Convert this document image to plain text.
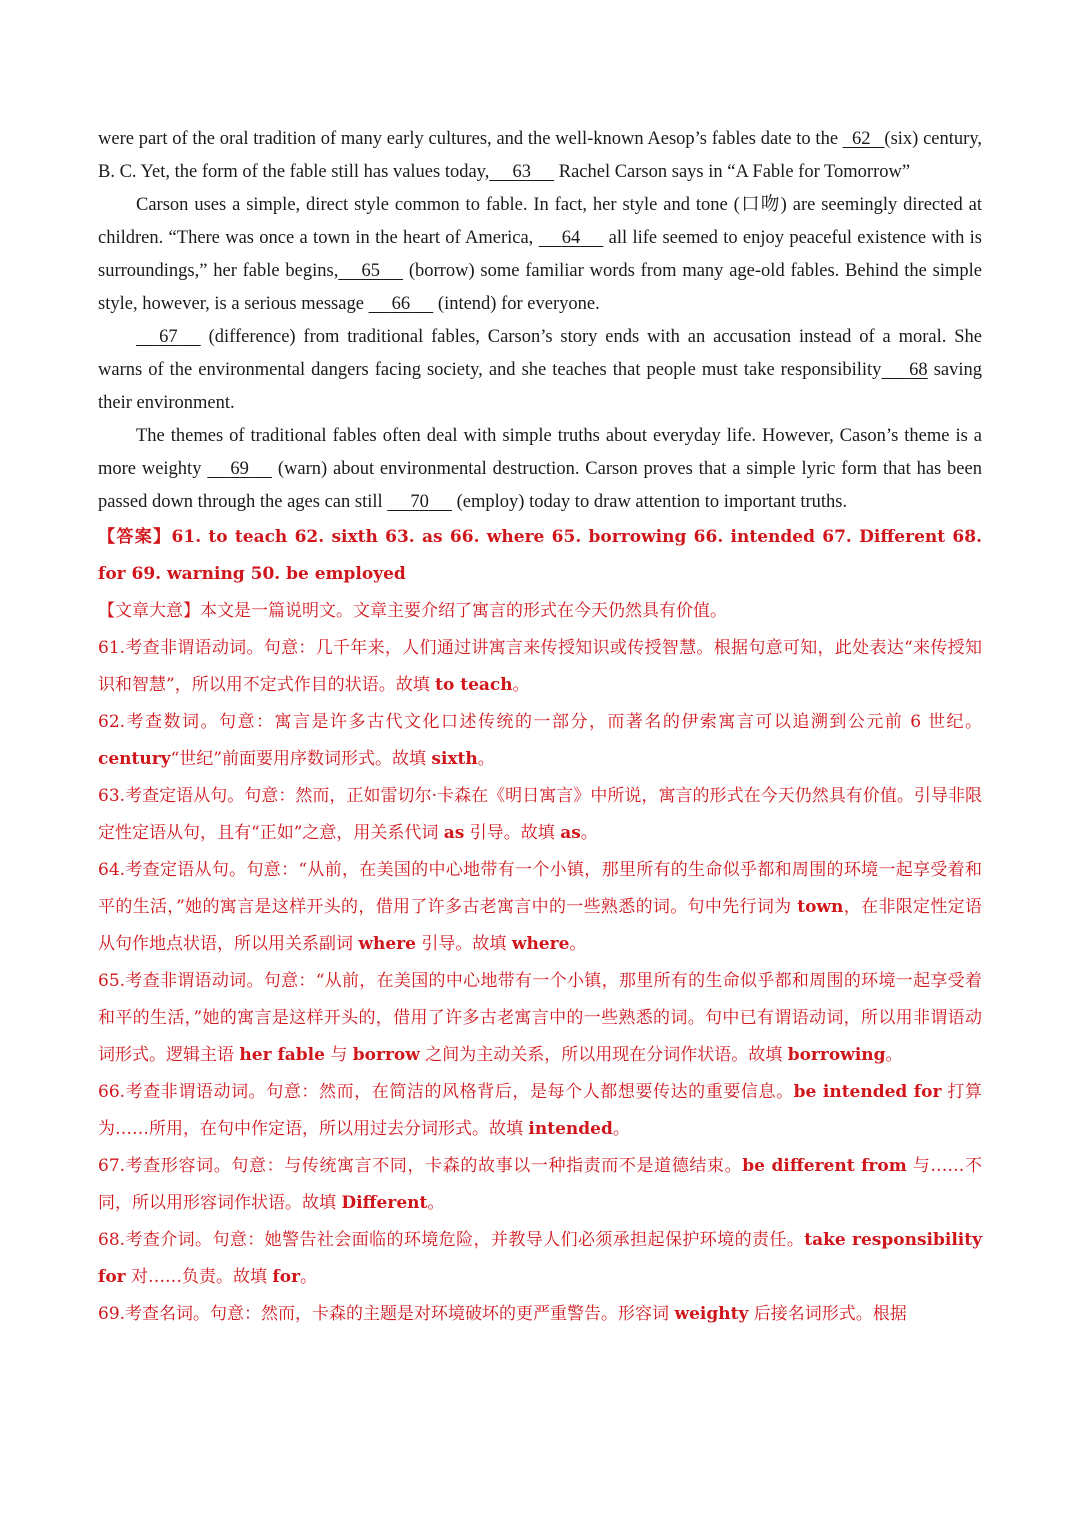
were part of the oral tradition of many early cultures, and the well-known Aesop’s fables date to the   62 (six) century, B. C. Yet, the form of the fable still has values today, 63      Rachel Carson says in “A Fable for Tomorrow”

Carson uses a simple, direct style common to fable. In fact, her style and tone (口吻) are seemingly directed at children. “There was once a town in the heart of America,      64      all life seemed to enjoy peaceful existence with is surroundings,” her fable begins, 65      (borrow) some familiar words from many age-old fables. Behind the simple style, however, is a serious message      66      (intend) for everyone.

67      (difference) from traditional fables, Carson’s story ends with an accusation instead of a moral. She warns of the environmental dangers facing society, and she teaches that people must take responsibility 68 saving their environment.

The themes of traditional fables often deal with simple truths about everyday life. However, Cason’s theme is a more weighty      69      (warn) about environmental destruction. Carson proves that a simple lyric form that has been passed down through the ages can still      70      (employ) today to draw attention to important truths.

【答案】61. to teach 62. sixth 63. as 66. where 65. borrowing 66. intended 67. Different 68. for 69. warning 50. be employed

【文章大意】本文是一篇说明文。文章主要介绍了寓言的形式在今天仍然具有价值。

61.考查非谓语动词。句意：几千年来，人们通过讲寓言来传授知识或传授智慧。根据句意可知，此处表达“来传授知识和智慧”，所以用不定式作目的状语。故填 to teach。

62.考查数词。句意：寓言是许多古代文化口述传统的一部分，而著名的伊索寓言可以追溯到公元前 6 世纪。century“世纪”前面要用序数词形式。故填 sixth。

63.考查定语从句。句意：然而，正如雷切尔·卡森在《明日寓言》中所说，寓言的形式在今天仍然具有价值。引导非限定性定语从句，且有“正如”之意，用关系代词 as 引导。故填 as。

64.考查定语从句。句意：“从前，在美国的中心地带有一个小镇，那里所有的生命似乎都和周围的环境一起享受着和平的生活，”她的寓言是这样开头的，借用了许多古老寓言中的一些熟悉的词。句中先行词为 town，在非限定性定语从句作地点状语，所以用关系副词 where 引导。故填 where。

65.考查非谓语动词。句意：“从前，在美国的中心地带有一个小镇，那里所有的生命似乎都和周围的环境一起享受着和平的生活，”她的寓言是这样开头的，借用了许多古老寓言中的一些熟悉的词。句中已有谓语动词，所以用非谓语动词形式。逻辑主语 her fable 与 borrow 之间为主动关系，所以用现在分词作状语。故填 borrowing。

66.考查非谓语动词。句意：然而，在简洁的风格背后，是每个人都想要传达的重要信息。be intended for 打算为……所用，在句中作定语，所以用过去分词形式。故填 intended。

67.考查形容词。句意：与传统寓言不同，卡森的故事以一种指责而不是道德结束。be different from 与……不同，所以用形容词作状语。故填 Different。

68.考查介词。句意：她警告社会面临的环境危险，并教导人们必须承担起保护环境的责任。take responsibility for 对……负责。故填 for。

69.考查名词。句意：然而，卡森的主题是对环境破坏的更严重警告。形容词 weighty 后接名词形式。根据
